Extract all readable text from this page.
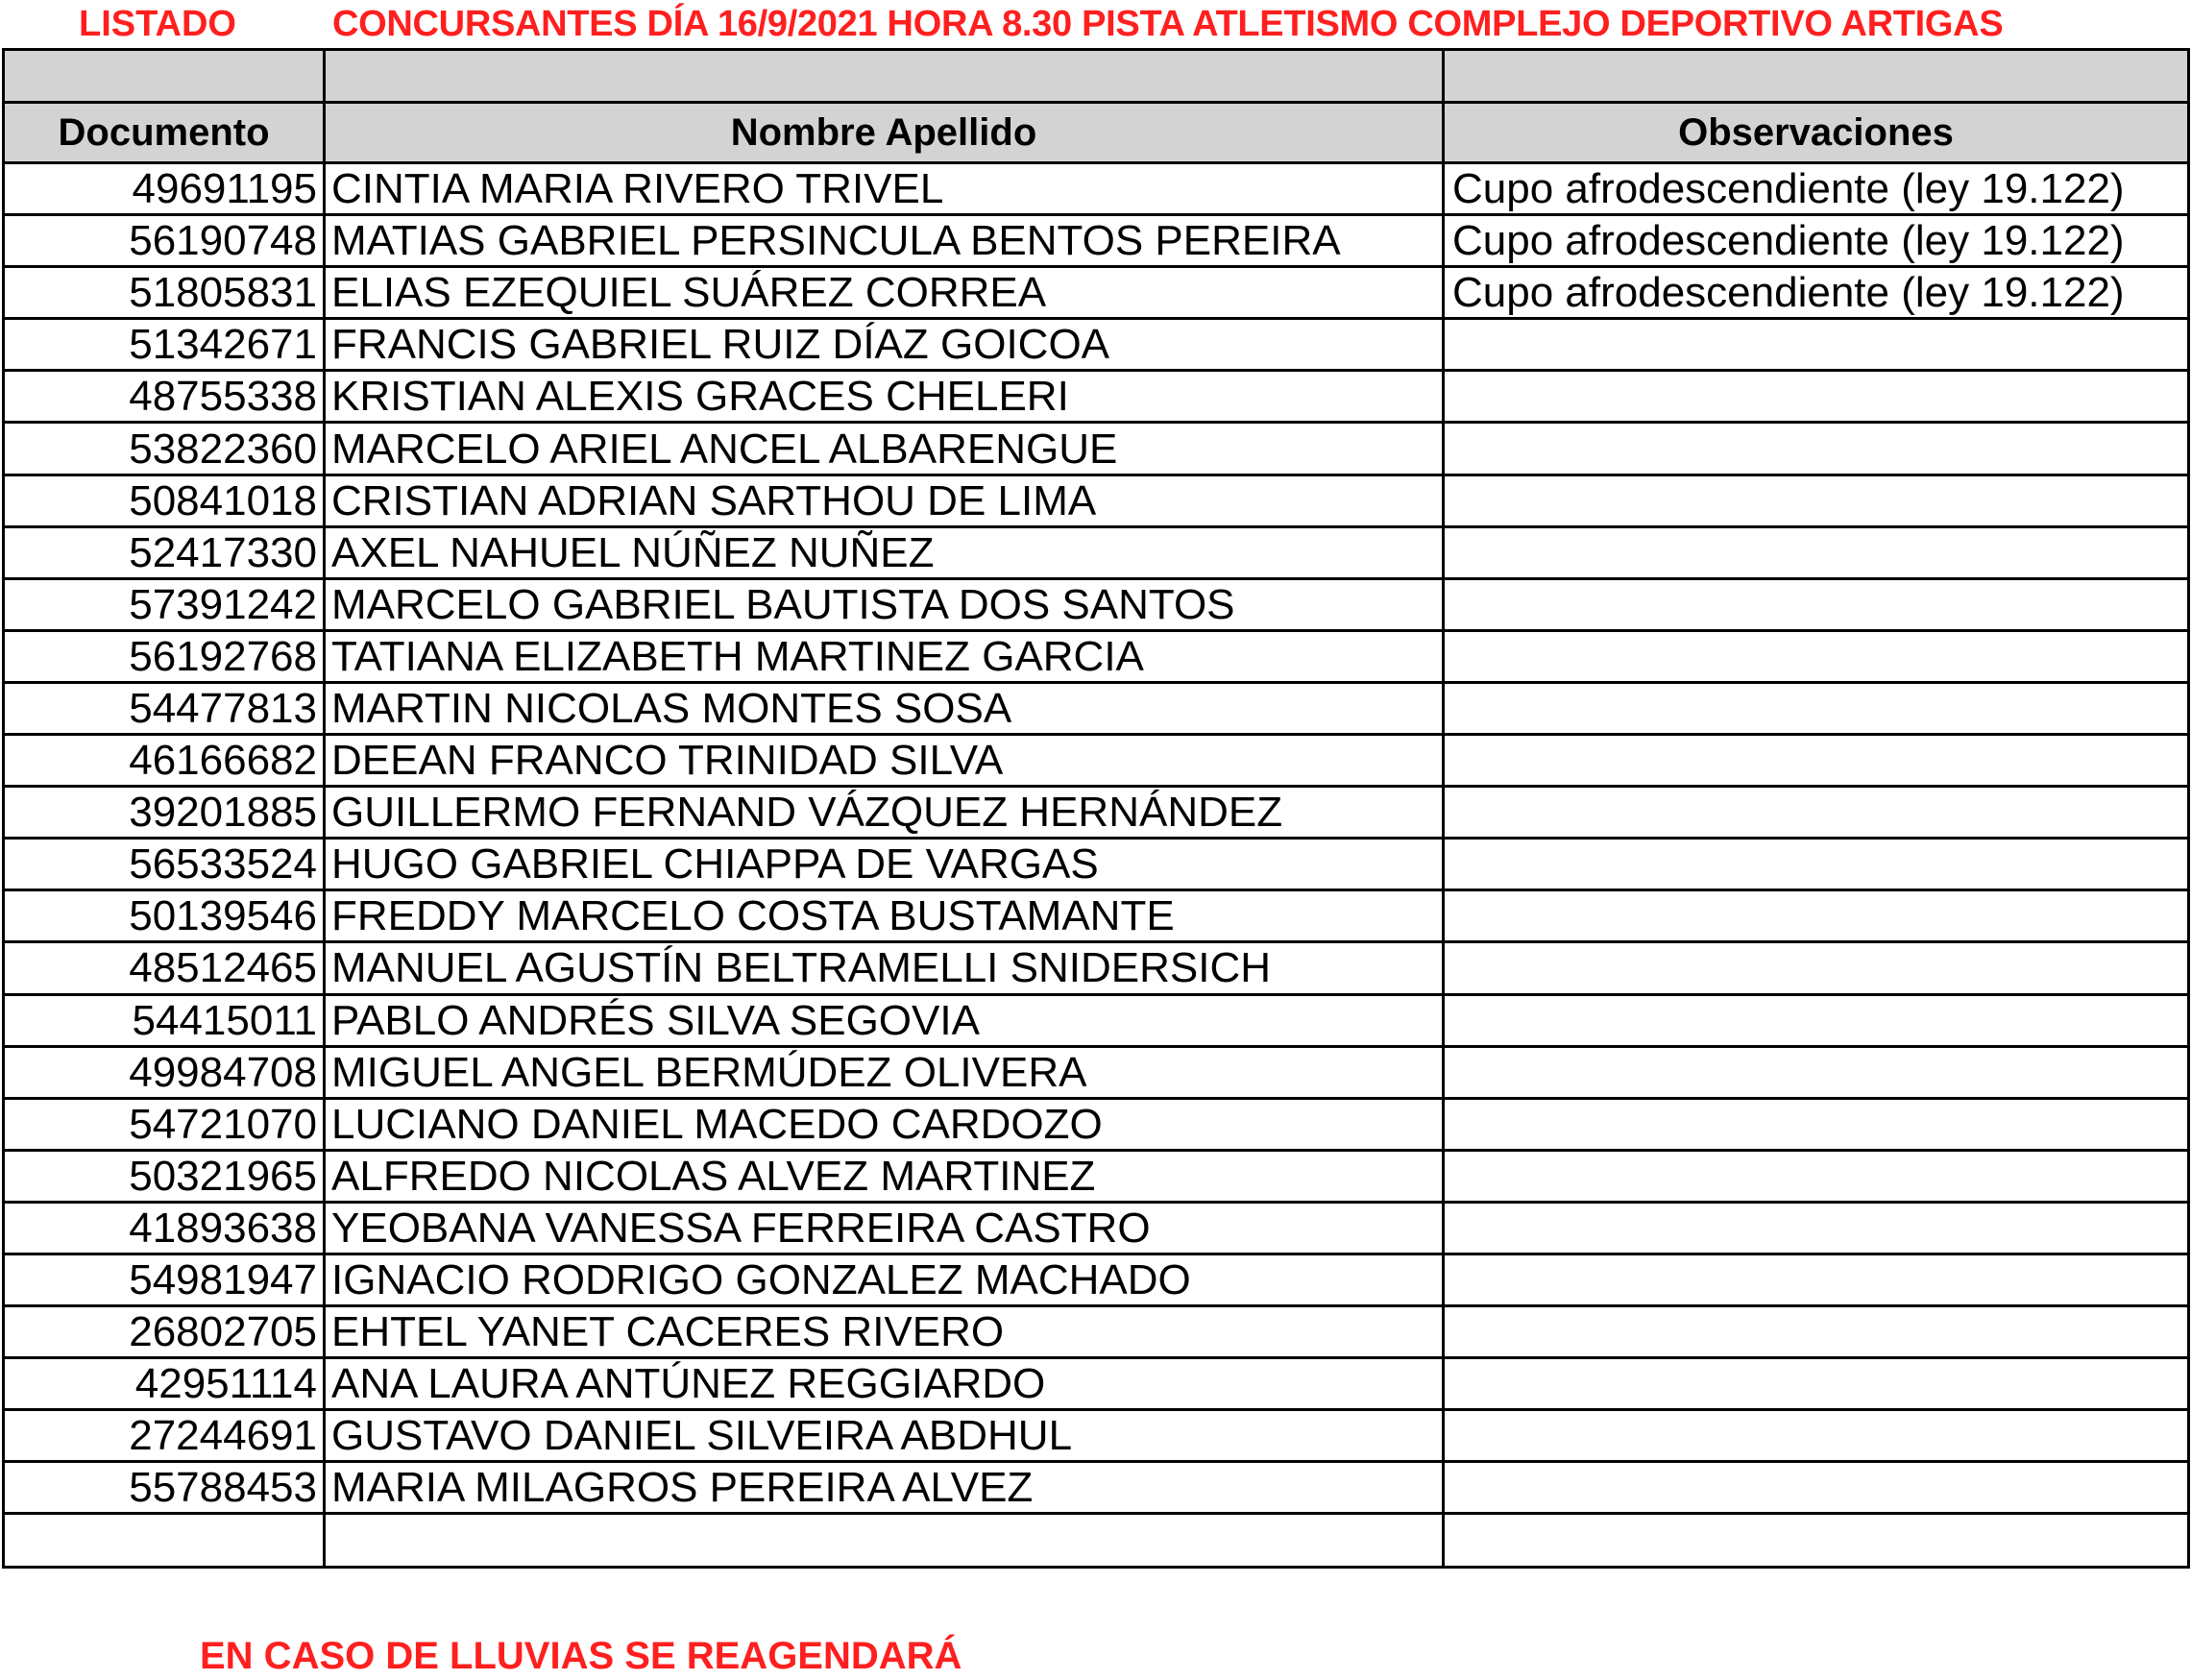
LISTADO	CONCURSANTES DÍA 16/9/2021 HORA 8.30 PISTA ATLETISMO COMPLEJO DEPORTIVO ARTIGAS

Documento	Nombre Apellido	Observaciones
49691195	CINTIA MARIA RIVERO TRIVEL	Cupo afrodescendiente (ley 19.122)
56190748	MATIAS GABRIEL PERSINCULA BENTOS PEREIRA	Cupo afrodescendiente (ley 19.122)
51805831	ELIAS EZEQUIEL SUÁREZ CORREA	Cupo afrodescendiente (ley 19.122)
51342671	FRANCIS GABRIEL RUIZ DÍAZ GOICOA	
48755338	KRISTIAN ALEXIS GRACES CHELERI	
53822360	MARCELO ARIEL ANCEL ALBARENGUE	
50841018	CRISTIAN ADRIAN SARTHOU DE LIMA	
52417330	AXEL NAHUEL NÚÑEZ NUÑEZ	
57391242	MARCELO GABRIEL BAUTISTA DOS SANTOS	
56192768	TATIANA ELIZABETH MARTINEZ GARCIA	
54477813	MARTIN NICOLAS MONTES SOSA	
46166682	DEEAN FRANCO TRINIDAD SILVA	
39201885	GUILLERMO FERNAND VÁZQUEZ HERNÁNDEZ	
56533524	HUGO GABRIEL CHIAPPA DE VARGAS	
50139546	FREDDY MARCELO COSTA BUSTAMANTE	
48512465	MANUEL AGUSTÍN BELTRAMELLI SNIDERSICH	
54415011	PABLO ANDRÉS SILVA SEGOVIA	
49984708	MIGUEL ANGEL BERMÚDEZ OLIVERA	
54721070	LUCIANO DANIEL MACEDO CARDOZO	
50321965	ALFREDO NICOLAS ALVEZ MARTINEZ	
41893638	YEOBANA VANESSA FERREIRA CASTRO	
54981947	IGNACIO RODRIGO GONZALEZ MACHADO	
26802705	EHTEL YANET CACERES RIVERO	
42951114	ANA LAURA ANTÚNEZ REGGIARDO	
27244691	GUSTAVO DANIEL SILVEIRA ABDHUL	
55788453	MARIA MILAGROS PEREIRA ALVEZ	

EN CASO DE LLUVIAS SE REAGENDARÁ
